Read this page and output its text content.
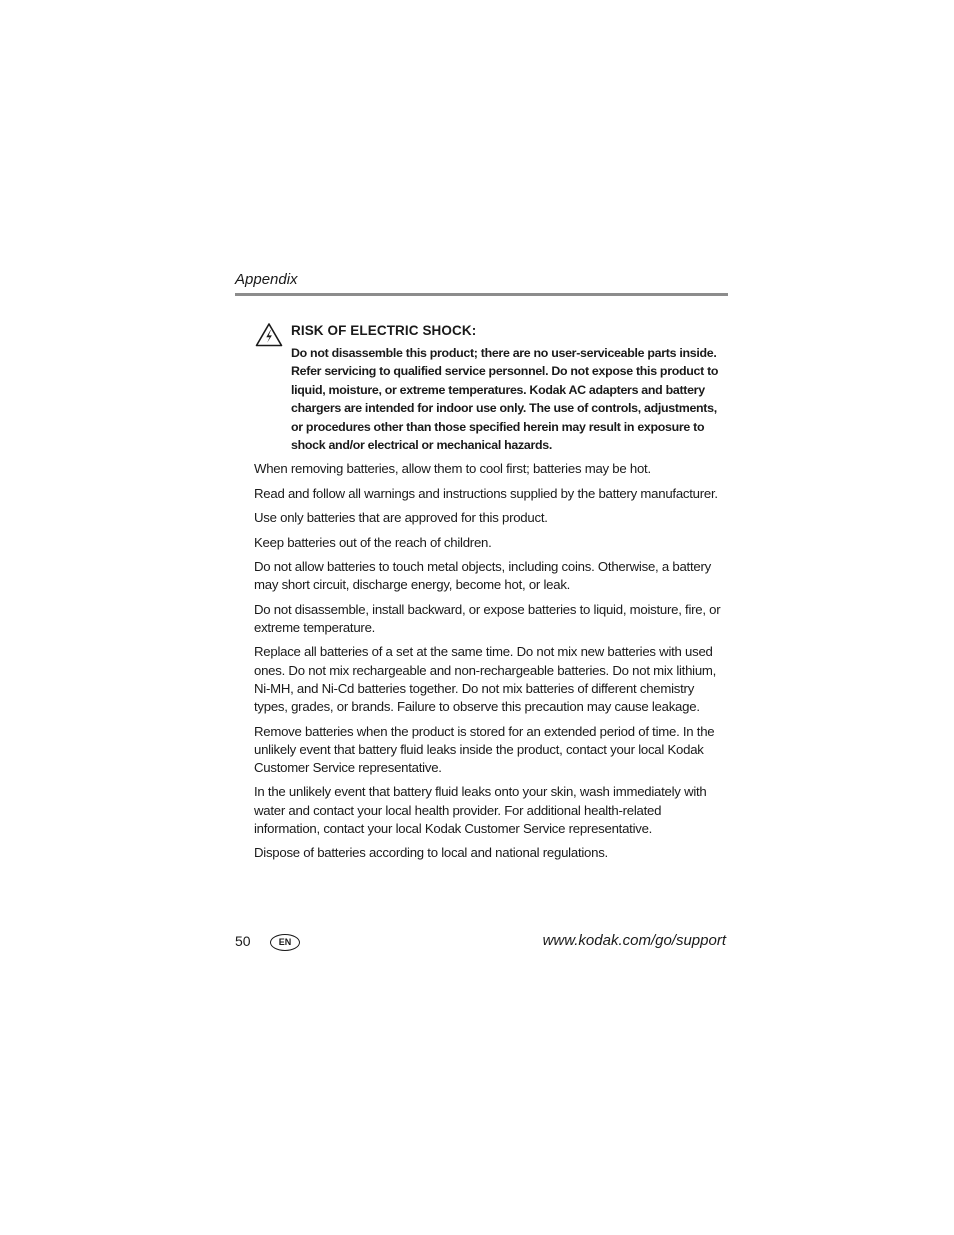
Appendix
RISK OF ELECTRIC SHOCK:
Do not disassemble this product; there are no user-serviceable parts inside. Refer servicing to qualified service personnel. Do not expose this product to liquid, moisture, or extreme temperatures. Kodak AC adapters and battery chargers are intended for indoor use only. The use of controls, adjustments, or procedures other than those specified herein may result in exposure to shock and/or electrical or mechanical hazards.

When removing batteries, allow them to cool first; batteries may be hot.

Read and follow all warnings and instructions supplied by the battery manufacturer.

Use only batteries that are approved for this product.

Keep batteries out of the reach of children.

Do not allow batteries to touch metal objects, including coins. Otherwise, a battery may short circuit, discharge energy, become hot, or leak.

Do not disassemble, install backward, or expose batteries to liquid, moisture, fire, or extreme temperature.

Replace all batteries of a set at the same time. Do not mix new batteries with used ones. Do not mix rechargeable and non-rechargeable batteries. Do not mix lithium, Ni-MH, and Ni-Cd batteries together. Do not mix batteries of different chemistry types, grades, or brands. Failure to observe this precaution may cause leakage.

Remove batteries when the product is stored for an extended period of time. In the unlikely event that battery fluid leaks inside the product, contact your local Kodak Customer Service representative.

In the unlikely event that battery fluid leaks onto your skin, wash immediately with water and contact your local health provider. For additional health-related information, contact your local Kodak Customer Service representative.

Dispose of batteries according to local and national regulations.

50	EN	www.kodak.com/go/support
